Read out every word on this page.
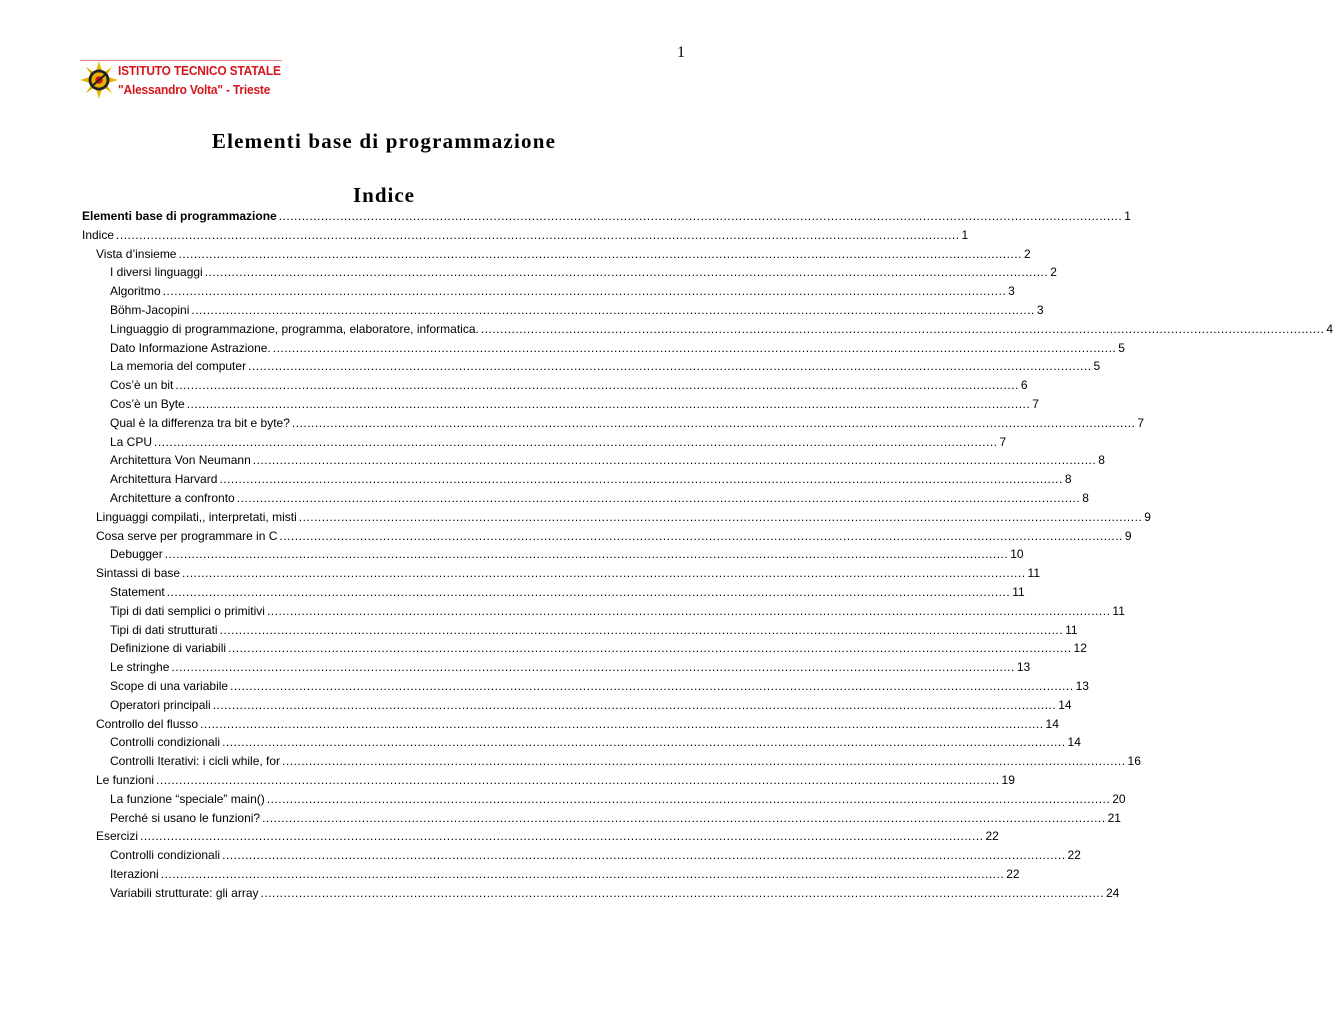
1
ISTITUTO TECNICO STATALE
"Alessandro Volta" - Trieste
Elementi base di programmazione
Indice
Elementi base di programmazione ............................................................................................................................................................................................................................ 1
Indice ............................................................................................................................................................................................................................ 1
Vista d’insieme ............................................................................................................................................................................................................................ 2
I diversi linguaggi ............................................................................................................................................................................................................................ 2
Algoritmo ............................................................................................................................................................................................................................ 3
Böhm-Jacopini ............................................................................................................................................................................................................................ 3
Linguaggio di programmazione, programma, elaboratore, informatica. ............................................................................................................................................................................................................................ 4
Dato Informazione Astrazione. ............................................................................................................................................................................................................................ 5
La memoria del computer ............................................................................................................................................................................................................................ 5
Cos’è un bit ............................................................................................................................................................................................................................ 6
Cos’è un Byte ............................................................................................................................................................................................................................ 7
Qual è la differenza tra bit e byte? ............................................................................................................................................................................................................................ 7
La CPU ............................................................................................................................................................................................................................ 7
Architettura Von Neumann ............................................................................................................................................................................................................................ 8
Architettura Harvard ............................................................................................................................................................................................................................ 8
Architetture a confronto ............................................................................................................................................................................................................................ 8
Linguaggi compilati,, interpretati, misti ............................................................................................................................................................................................................................ 9
Cosa serve per programmare in C ............................................................................................................................................................................................................................ 9
Debugger ............................................................................................................................................................................................................................ 10
Sintassi di base ............................................................................................................................................................................................................................ 11
Statement ............................................................................................................................................................................................................................ 11
Tipi di dati semplici o primitivi ............................................................................................................................................................................................................................ 11
Tipi di dati strutturati ............................................................................................................................................................................................................................ 11
Definizione di variabili ............................................................................................................................................................................................................................ 12
Le stringhe ............................................................................................................................................................................................................................ 13
Scope di una variabile ............................................................................................................................................................................................................................ 13
Operatori principali ............................................................................................................................................................................................................................ 14
Controllo del flusso ............................................................................................................................................................................................................................ 14
Controlli condizionali ............................................................................................................................................................................................................................ 14
Controlli Iterativi: i cicli while, for ............................................................................................................................................................................................................................ 16
Le funzioni ............................................................................................................................................................................................................................ 19
La funzione “speciale” main() ............................................................................................................................................................................................................................ 20
Perché si usano le funzioni? ............................................................................................................................................................................................................................ 21
Esercizi ............................................................................................................................................................................................................................ 22
Controlli condizionali ............................................................................................................................................................................................................................ 22
Iterazioni ............................................................................................................................................................................................................................ 22
Variabili strutturate: gli array ............................................................................................................................................................................................................................ 24
